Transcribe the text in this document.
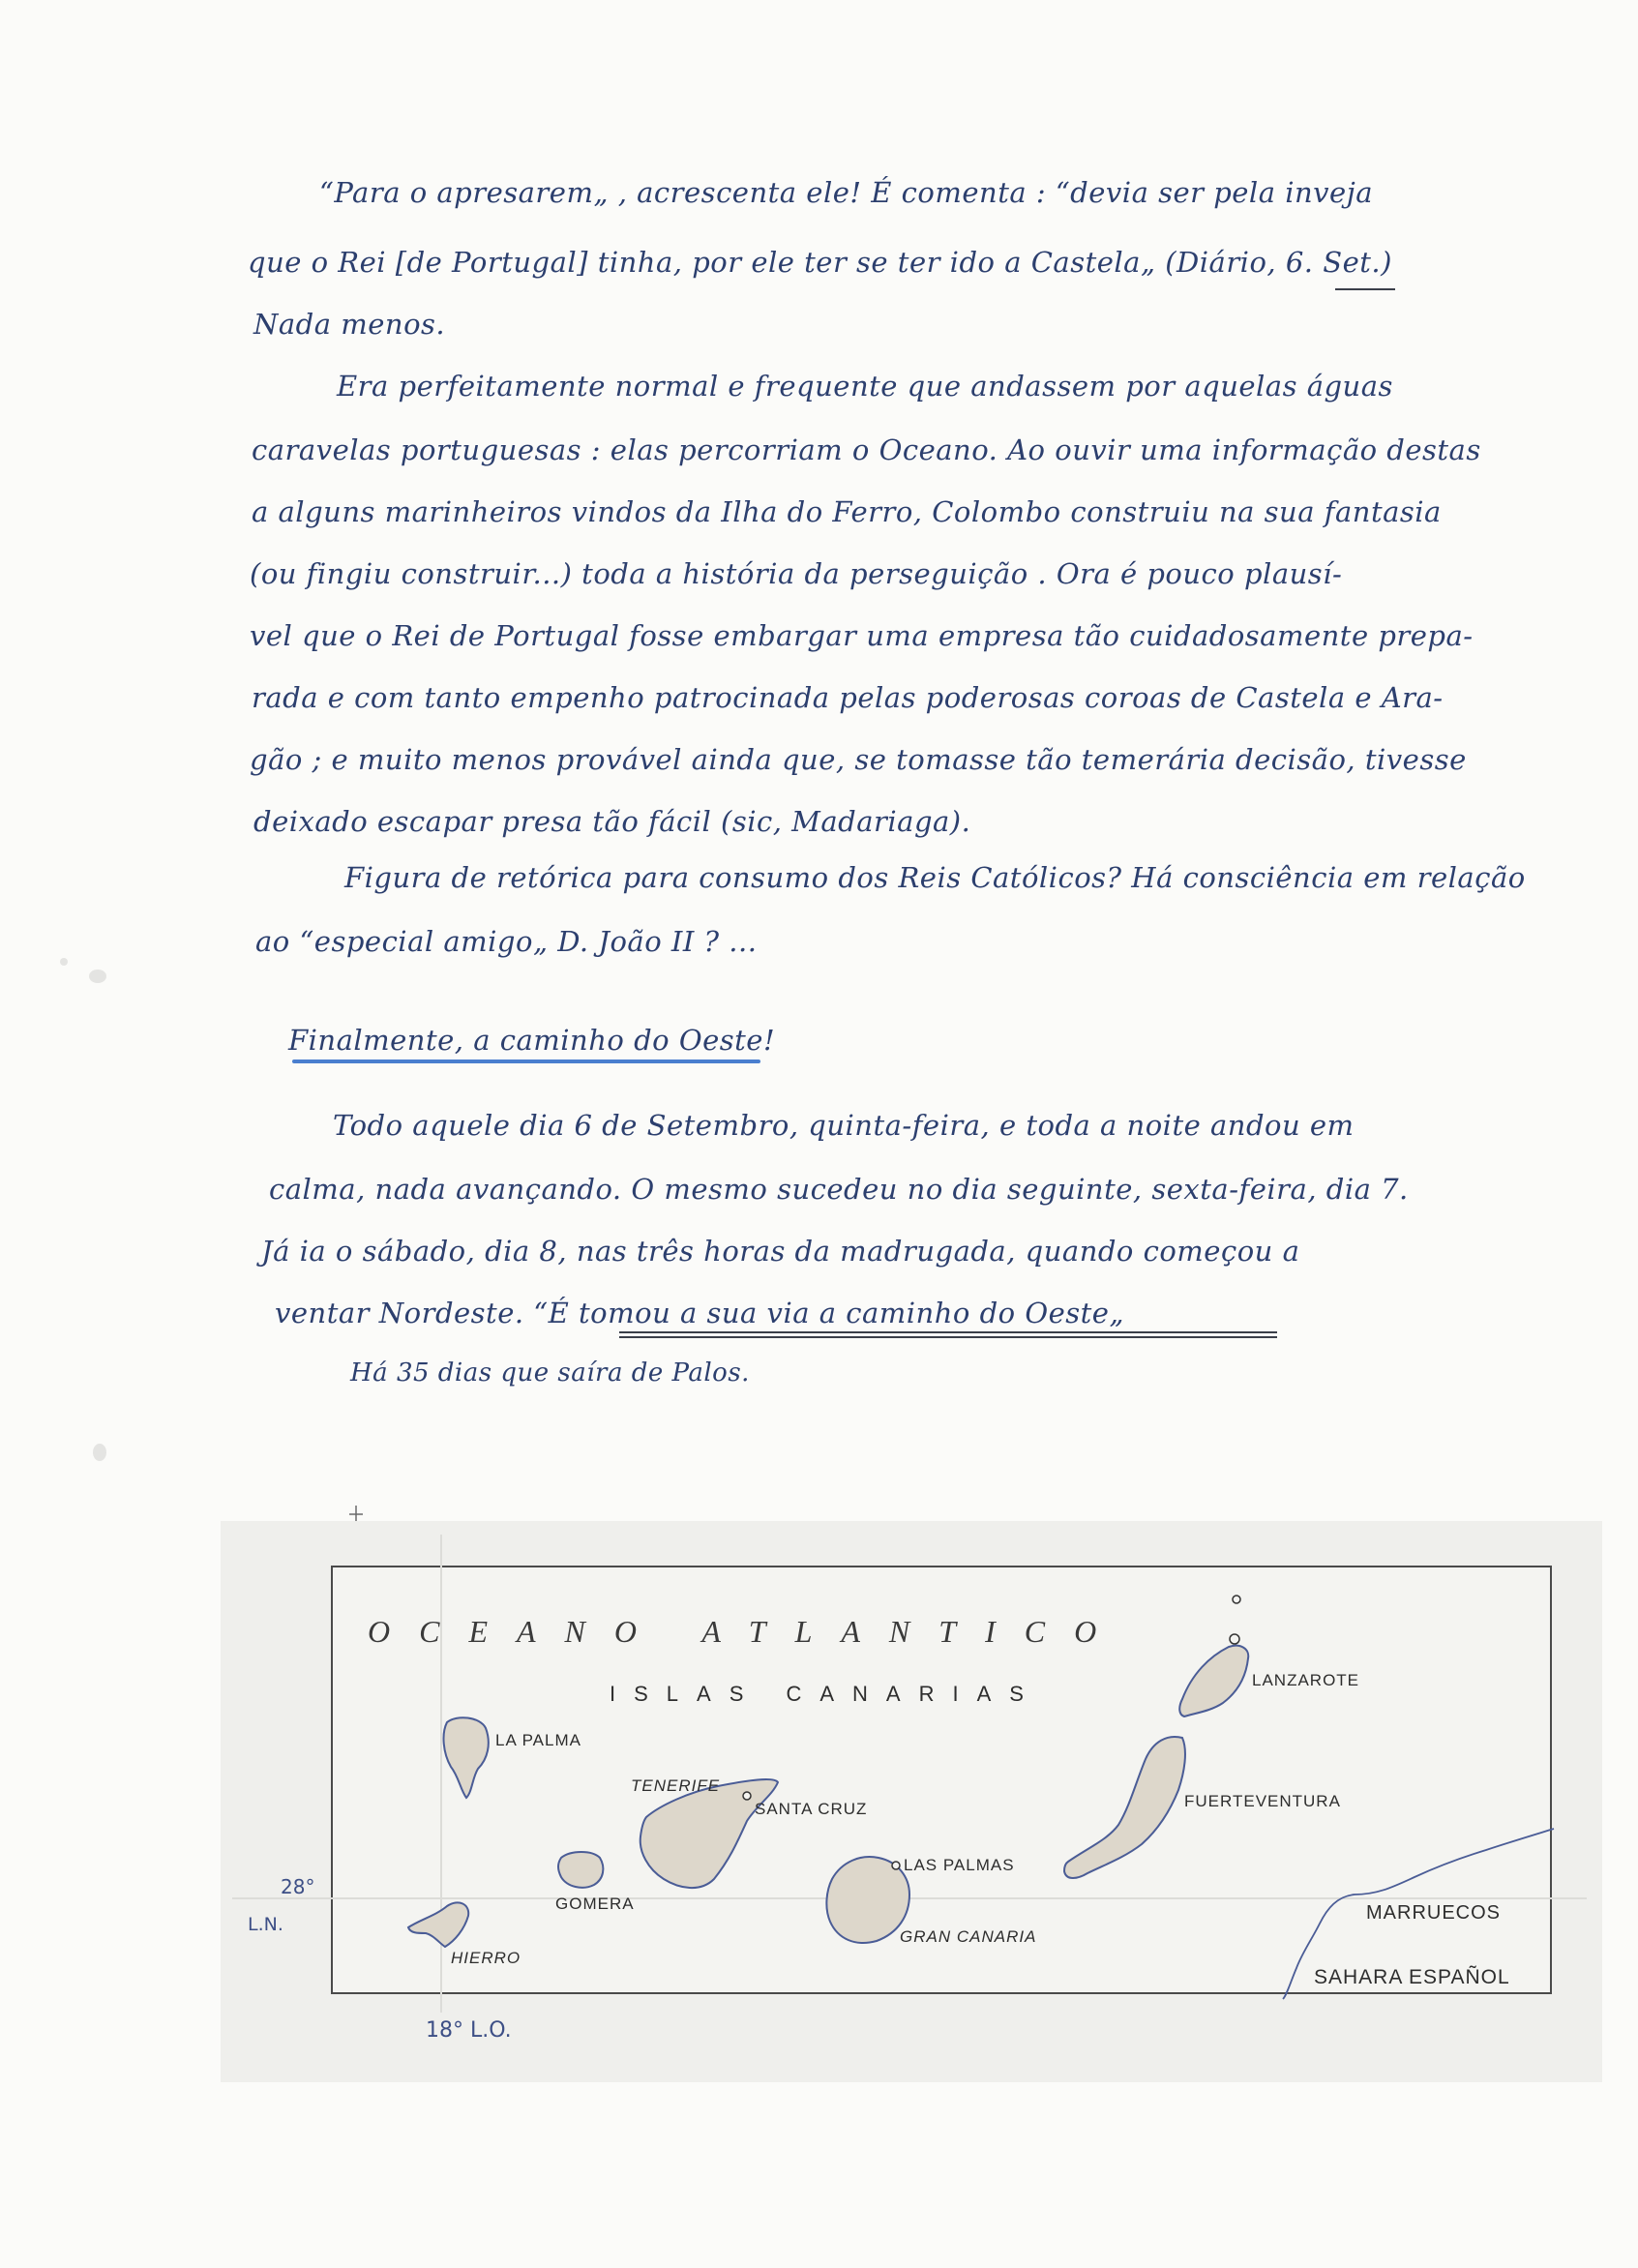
“Para o apresarem„ , acrescenta ele! É comenta : “devia ser pela inveja
que o Rei [de Portugal] tinha, por ele ter se ter ido a Castela„ (Diário, 6. Set.)
Nada menos.
Era perfeitamente normal e frequente que andassem por aquelas águas
caravelas portuguesas : elas percorriam o Oceano. Ao ouvir uma informação destas
a alguns marinheiros vindos da Ilha do Ferro, Colombo construiu na sua fantasia
(ou fingiu construir...) toda a história da perseguição . Ora é pouco plausí-
vel que o Rei de Portugal fosse embargar uma empresa tão cuidadosamente prepa-
rada e com tanto empenho patrocinada pelas poderosas coroas de Castela e Ara-
gão ; e muito menos provável ainda que, se tomasse tão temerária decisão, tivesse
deixado escapar presa tão fácil (sic, Madariaga).
Figura de retórica para consumo dos Reis Católicos? Há consciência em relação
ao “especial amigo„ D. João II ? ...
Finalmente, a caminho do Oeste!
Todo aquele dia 6 de Setembro, quinta-feira, e toda a noite andou em
calma, nada avançando. O mesmo sucedeu no dia seguinte, sexta-feira, dia 7.
Já ia o sábado, dia 8, nas três horas da madrugada, quando começou a
ventar Nordeste. “É tomou a sua via a caminho do Oeste„
Há 35 dias que saíra de Palos.
OCEANO ATLANTICO
ISLAS CANARIAS
LA PALMA
TENERIFE
SANTA CRUZ
GOMERA
HIERRO
LAS PALMAS
GRAN CANARIA
LANZAROTE
FUERTEVENTURA
MARRUECOS
SAHARA ESPAÑOL
28°
L.N.
18° L.O.
